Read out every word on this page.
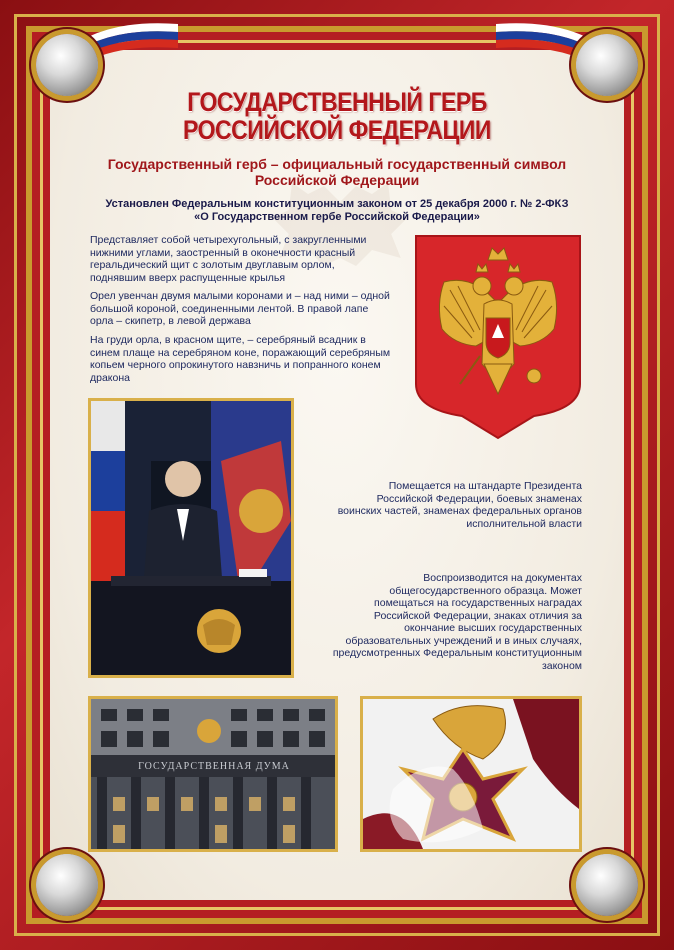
ГОСУДАРСТВЕННЫЙ ГЕРБ
РОССИЙСКОЙ ФЕДЕРАЦИИ
Государственный герб – официальный государственный символ
Российской Федерации
Установлен Федеральным конституционным законом от 25 декабря 2000 г. № 2-ФКЗ
«О Государственном гербе Российской Федерации»
Представляет собой четырехугольный, с закругленными нижними углами, заостренный в оконечности красный геральдический щит с золотым двуглавым орлом, поднявшим вверх распущенные крылья
Орел увенчан двумя малыми коронами и – над ними – одной большой короной, соединенными лентой. В правой лапе орла – скипетр, в левой держава
На груди орла, в красном щите, – серебряный всадник в синем плаще на серебряном коне, поражающий серебряным копьем черного опрокинутого навзничь и попранного конем дракона
Помещается на штандарте Президента Российской Федерации, боевых знаменах воинских частей, знаменах федеральных органов исполнительной власти
Воспроизводится на документах общегосударственного образца. Может помещаться на государственных наградах Российской Федерации, знаках отличия за окончание высших государственных образовательных учреждений и в иных случаях, предусмотренных Федеральным конституционным законом
ГОСУДАРСТВЕННАЯ ДУМА
